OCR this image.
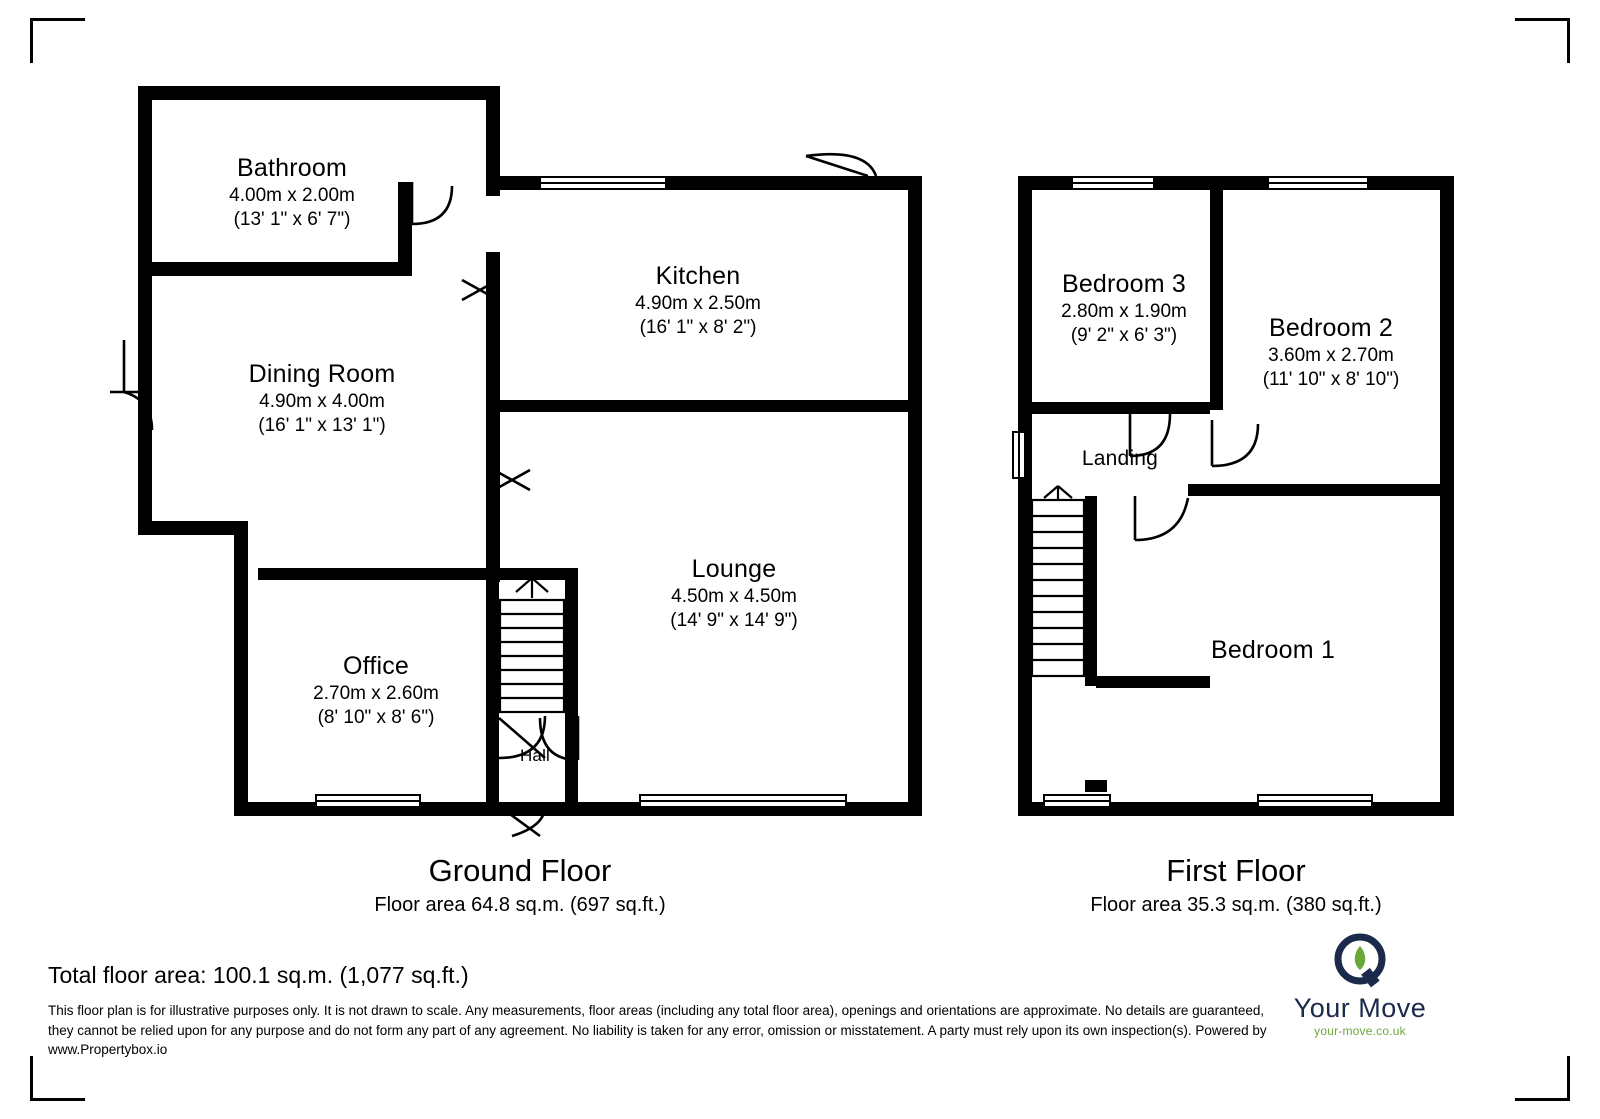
Bathroom
4.00m x 2.00m
(13' 1" x 6' 7")
Kitchen
4.90m x 2.50m
(16' 1" x 8' 2")
Dining Room
4.90m x 4.00m
(16' 1" x 13' 1")
Lounge
4.50m x 4.50m
(14' 9" x 14' 9")
Office
2.70m x 2.60m
(8' 10" x 8' 6")
Hall
Bedroom 3
2.80m x 1.90m
(9' 2" x 6' 3")	Bedroom 2
3.60m x 2.70m
(11' 10" x 8' 10")
Bedroom 1
Landing
Ground Floor
Floor area 64.8 sq.m. (697 sq.ft.)
First Floor
Floor area 35.3 sq.m. (380 sq.ft.)
Total floor area: 100.1 sq.m. (1,077 sq.ft.)
This floor plan is for illustrative purposes only. It is not drawn to scale. Any measurements, floor areas (including any total floor area), openings and orientations are approximate. No details are guaranteed, they cannot be relied upon for any purpose and do not form any part of any agreement. No liability is taken for any error, omission or misstatement. A party must rely upon its own inspection(s). Powered by www.Propertybox.io
Your Move
your-move.co.uk
